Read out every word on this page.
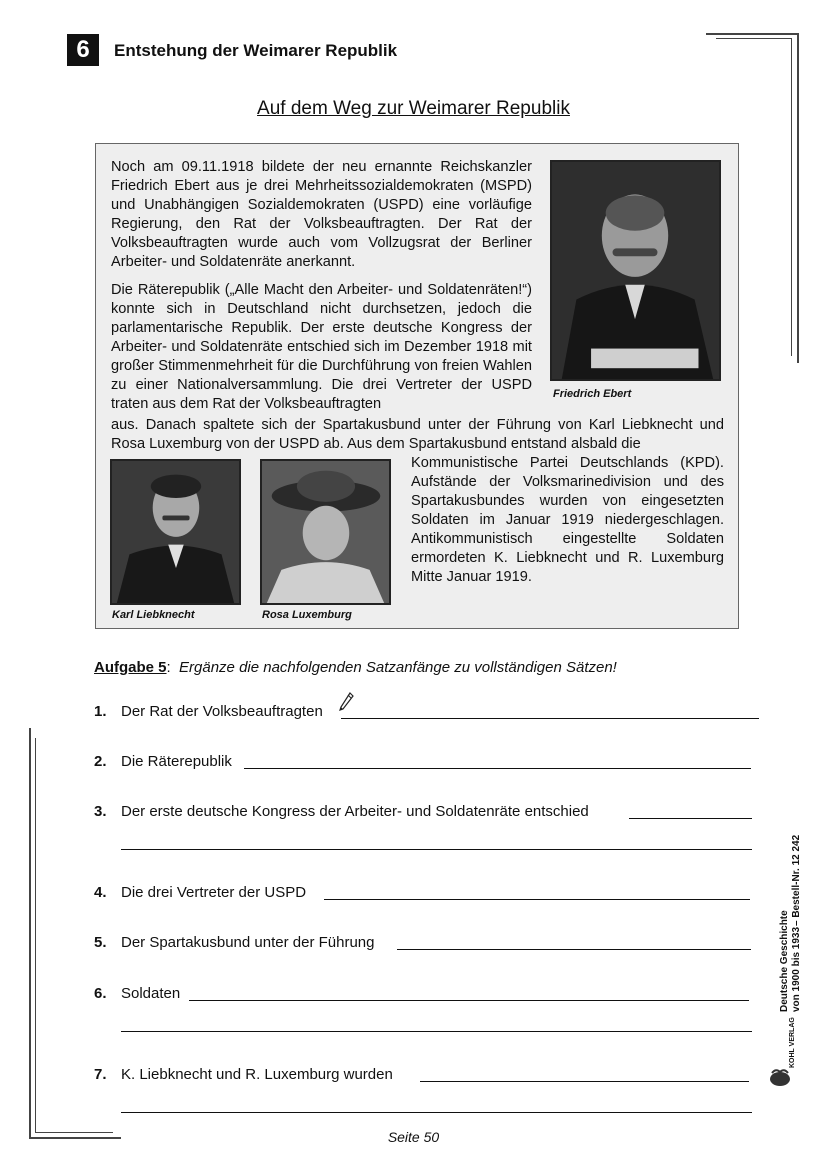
6	Entstehung der Weimarer Republik
Auf dem Weg zur Weimarer Republik
Noch am 09.11.1918 bildete der neu ernannte Reichskanzler Friedrich Ebert aus je drei Mehrheitssozialdemokraten (MSPD) und Unabhängigen Sozialdemokraten (USPD) eine vorläufige Regierung, den Rat der Volksbeauftragten. Der Rat der Volksbeauftragten wurde auch vom Vollzugsrat der Berliner Arbeiter- und Soldatenräte anerkannt.
Die Räterepublik („Alle Macht den Arbeiter- und Soldatenräten!“) konnte sich in Deutschland nicht durchsetzen, jedoch die parlamentarische Republik. Der erste deutsche Kongress der Arbeiter- und Soldatenräte entschied sich im Dezember 1918 mit großer Stimmenmehrheit für die Durchführung von freien Wahlen zu einer Nationalversammlung. Die drei Vertreter der USPD traten aus dem Rat der Volksbeauftragten
aus. Danach spaltete sich der Spartakusbund unter der Führung von Karl Liebknecht und Rosa Luxemburg von der USPD ab. Aus dem Spartakusbund entstand alsbald die
Kommunistische Partei Deutschlands (KPD). Aufstände der Volksmarinedivision und des Spartakusbundes wurden von eingesetzten Soldaten im Januar 1919 niedergeschlagen. Antikommunistisch eingestellte Soldaten ermordeten K. Liebknecht und R. Luxemburg Mitte Januar 1919.
Friedrich Ebert
Karl Liebknecht	Rosa Luxemburg
Aufgabe 5: Ergänze die nachfolgenden Satzanfänge zu vollständigen Sätzen!
1. Der Rat der Volksbeauftragten
2. Die Räterepublik
3. Der erste deutsche Kongress der Arbeiter- und Soldatenräte entschied
4. Die drei Vertreter der USPD
5. Der Spartakusbund unter der Führung
6. Soldaten
7. K. Liebknecht und R. Luxemburg wurden
Deutsche Geschichte von 1900 bis 1933
– Bestell-Nr. 12 242
KOHL VERLAG
Seite 50
